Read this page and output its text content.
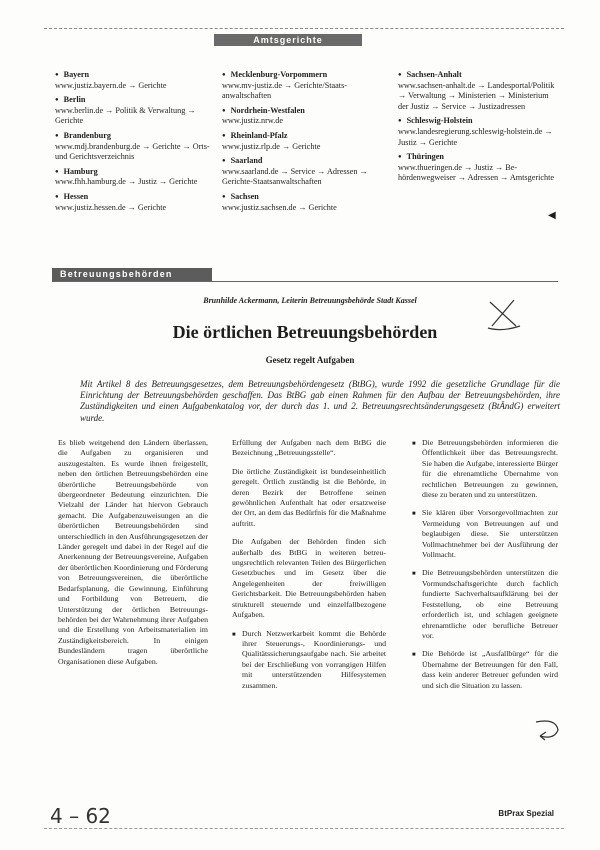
Amtsgerichte
● Bayern
www.justiz.bayern.de → Gerichte
● Berlin
www.berlin.de → Politik & Verwaltung → Gerichte
● Brandenburg
www.mdj.brandenburg.de → Gerichte → Orts- und Gerichtsverzeichnis
● Hamburg
www.fhh.hamburg.de → Justiz → Gerichte
● Hessen
www.justiz.hessen.de → Gerichte
● Mecklenburg-Vorpommern
www.mv-justiz.de → Gerichte/Staatsanwaltschaften
● Nordrhein-Westfalen
www.justiz.nrw.de
● Rheinland-Pfalz
www.justiz.rlp.de → Gerichte
● Saarland
www.saarland.de → Service → Adressen → Gerichte-Staatsanwaltschaften
● Sachsen
www.justiz.sachsen.de → Gerichte
● Sachsen-Anhalt
www.sachsen-anhalt.de → Landesportal/Politik → Verwaltung → Ministerien → Ministerium der Justiz → Service → Justizadressen
● Schleswig-Holstein
www.landesregierung.schleswig-holstein.de → Justiz → Gerichte
● Thüringen
www.thueringen.de → Justiz → Behördenwegweiser → Adressen → Amtsgerichte
◀
Betreuungsbehörden
Brunhilde Ackermann, Leiterin Betreuungsbehörde Stadt Kassel
Die örtlichen Betreuungsbehörden
Gesetz regelt Aufgaben
Mit Artikel 8 des Betreuungsgesetzes, dem Betreuungsbehördengesetz (BtBG), wurde 1992 die gesetzliche Grundlage für die Einrichtung der Betreuungsbehörden geschaffen. Das BtBG gab einen Rahmen für den Aufbau der Betreuungsbehörden, ihre Zuständigkeiten und einen Aufgabenkatalog vor, der durch das 1. und 2. Betreuungsrechtsänderungsgesetz (BtÄndG) erweitert wurde.

Es blieb weitgehend den Ländern überlassen, die Aufgaben zu organisieren und auszugestalten. Es wurde ihnen freigestellt, neben den örtlichen Betreuungsbehörden eine überörtliche Betreuungsbehörde von übergeordneter Bedeutung einzurichten. Die Vielzahl der Länder hat hiervon Gebrauch gemacht. Die Aufgabenzuweisungen an die überörtlichen Betreuungsbehörden sind unterschiedlich in den Ausführungsgesetzen der Länder geregelt und dabei in der Regel auf die Anerkennung der Betreuungsvereine, Aufgaben der überörtlichen Koordinierung und Förderung von Betreuungsvereinen, die überörtliche Bedarfsplanung, die Gewinnung, Einführung und Fortbildung von Betreuern, die Unterstützung der örtlichen Betreuungsbehörden bei der Wahrnehmung ihrer Aufgaben und die Erstellung von Arbeitsmaterialien im Zuständigkeitsbereich. In einigen Bundesländern tragen überörtliche Organisationen diese Aufgaben.

Erfüllung der Aufgaben nach dem BtBG die Bezeichnung „Betreuungsstelle“.

Die örtliche Zuständigkeit ist bundeseinheitlich geregelt. Örtlich zuständig ist die Behörde, in deren Bezirk der Betroffene seinen gewöhnlichen Aufenthalt hat oder ersatzweise der Ort, an dem das Bedürfnis für die Maßnahme auftritt.

Die Aufgaben der Behörden finden sich außerhalb des BtBG in weiteren betreuungsrechtlich relevanten Teilen des Bürgerlichen Gesetzbuches und im Gesetz über die Angelegenheiten der freiwilligen Gerichtsbarkeit. Die Betreuungsbehörden haben strukturell steuernde und einzelfallbezogene Aufgaben.

■ Durch Netzwerkarbeit kommt die Behörde ihrer Steuerungs-, Koordinierungs- und Qualitätssicherungsaufgabe nach. Sie arbeitet bei der Erschließung von vorrangigen Hilfen mit unterstützenden Hilfesystemen zusammen.
■ Die Betreuungsbehörden informieren die Öffentlichkeit über das Betreuungsrecht. Sie haben die Aufgabe, interessierte Bürger für die ehrenamtliche Übernahme von rechtlichen Betreuungen zu gewinnen, diese zu beraten und zu unterstützen.
■ Sie klären über Vorsorgevollmachten zur Vermeidung von Betreuungen auf und beglaubigen diese. Sie unterstützen Vollmachtnehmer bei der Ausführung der Vollmacht.
■ Die Betreuungsbehörden unterstützen die Vormundschaftsgerichte durch fachlich fundierte Sachverhaltsaufklärung bei der Feststellung, ob eine Betreuung erforderlich ist, und schlagen geeignete ehrenamtliche oder berufliche Betreuer vor.
■ Die Behörde ist „Ausfallbürge“ für die Übernahme der Betreuungen für den Fall, dass kein anderer Betreuer gefunden wird und sich die Situation zu lassen.
4 – 62	BtPrax Spezial
